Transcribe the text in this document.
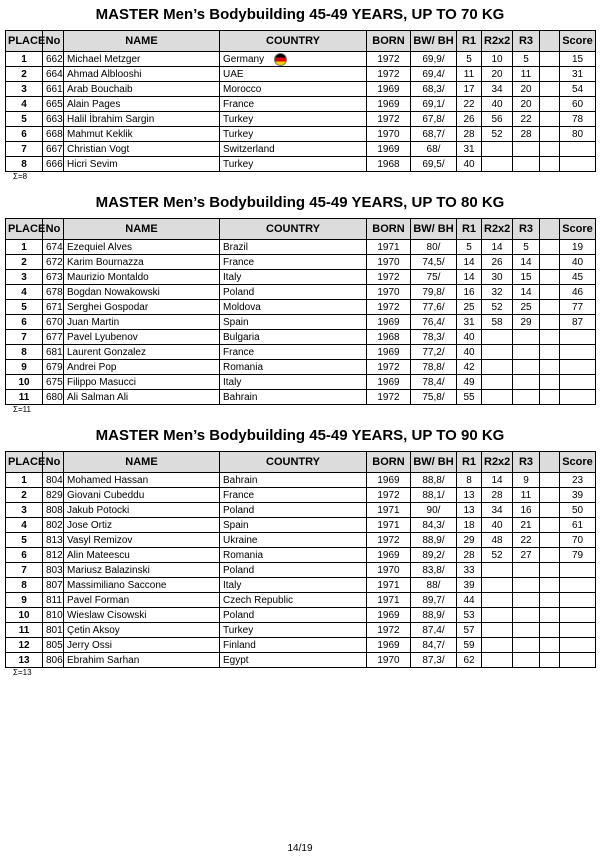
MASTER Men’s Bodybuilding 45-49 YEARS, UP TO 70 KG
PLACE	No	NAME	COUNTRY	BORN	BW/ BH	R1	R2x2	R3		Score
1	662	Michael Metzger	Germany	1972	69,9/	5	10	5		15
2	664	Ahmad Alblooshi	UAE	1972	69,4/	11	20	11		31
3	661	Arab Bouchaib	Morocco	1969	68,3/	17	34	20		54
4	665	Alain Pages	France	1969	69,1/	22	40	20		60
5	663	Halil İbrahim Sargin	Turkey	1972	67,8/	26	56	22		78
6	668	Mahmut Keklik	Turkey	1970	68,7/	28	52	28		80
7	667	Christian Vogt	Switzerland	1969	68/	31				
8	666	Hicri Sevim	Turkey	1968	69,5/	40				
Σ=8
MASTER Men’s Bodybuilding 45-49 YEARS, UP TO 80 KG
PLACE	No	NAME	COUNTRY	BORN	BW/ BH	R1	R2x2	R3		Score
1	674	Ezequiel Alves	Brazil	1971	80/	5	14	5		19
2	672	Karim Bournazza	France	1970	74,5/	14	26	14		40
3	673	Maurizio Montaldo	Italy	1972	75/	14	30	15		45
4	678	Bogdan Nowakowski	Poland	1970	79,8/	16	32	14		46
5	671	Serghei Gospodar	Moldova	1972	77,6/	25	52	25		77
6	670	Juan Martin	Spain	1969	76,4/	31	58	29		87
7	677	Pavel Lyubenov	Bulgaria	1968	78,3/	40				
8	681	Laurent Gonzalez	France	1969	77,2/	40				
9	679	Andrei Pop	Romania	1972	78,8/	42				
10	675	Filippo Masucci	Italy	1969	78,4/	49				
11	680	Ali Salman Ali	Bahrain	1972	75,8/	55				
Σ=11
MASTER Men’s Bodybuilding 45-49 YEARS, UP TO 90 KG
PLACE	No	NAME	COUNTRY	BORN	BW/ BH	R1	R2x2	R3		Score
1	804	Mohamed Hassan	Bahrain	1969	88,8/	8	14	9		23
2	829	Giovani Cubeddu	France	1972	88,1/	13	28	11		39
3	808	Jakub Potocki	Poland	1971	90/	13	34	16		50
4	802	Jose Ortiz	Spain	1971	84,3/	18	40	21		61
5	813	Vasyl Remizov	Ukraine	1972	88,9/	29	48	22		70
6	812	Alin Mateescu	Romania	1969	89,2/	28	52	27		79
7	803	Mariusz Balazinski	Poland	1970	83,8/	33				
8	807	Massimiliano Saccone	Italy	1971	88/	39				
9	811	Pavel Forman	Czech Republic	1971	89,7/	44				
10	810	Wieslaw Cisowski	Poland	1969	88,9/	53				
11	801	Çetin Aksoy	Turkey	1972	87,4/	57				
12	805	Jerry Ossi	Finland	1969	84,7/	59				
13	806	Ebrahim Sarhan	Egypt	1970	87,3/	62				
Σ=13
14/19
